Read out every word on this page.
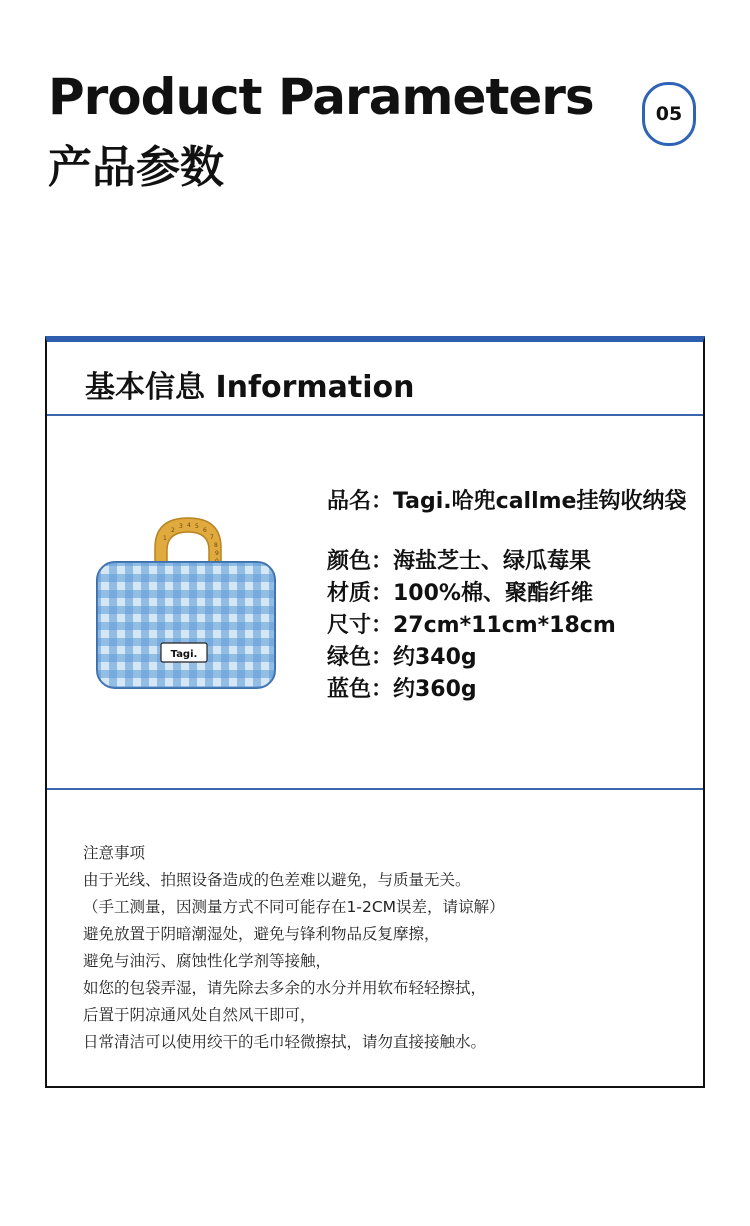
Product Parameters
产品参数
05
基本信息 Information
1
2
3 4 5
6
7
8
9
Tagi.
品名：Tagi.哈兜callme挂钩收纳袋
颜色：海盐芝士、绿瓜莓果
材质：100%棉、聚酯纤维
尺寸：27cm*11cm*18cm
绿色：约340g
蓝色：约360g
注意事项
由于光线、拍照设备造成的色差难以避免，与质量无关。
（手工测量，因测量方式不同可能存在1-2CM误差，请谅解）
避免放置于阴暗潮湿处，避免与锋利物品反复摩擦，
避免与油污、腐蚀性化学剂等接触，
如您的包袋弄湿，请先除去多余的水分并用软布轻轻擦拭，
后置于阴凉通风处自然风干即可，
日常清洁可以使用绞干的毛巾轻微擦拭，请勿直接接触水。
